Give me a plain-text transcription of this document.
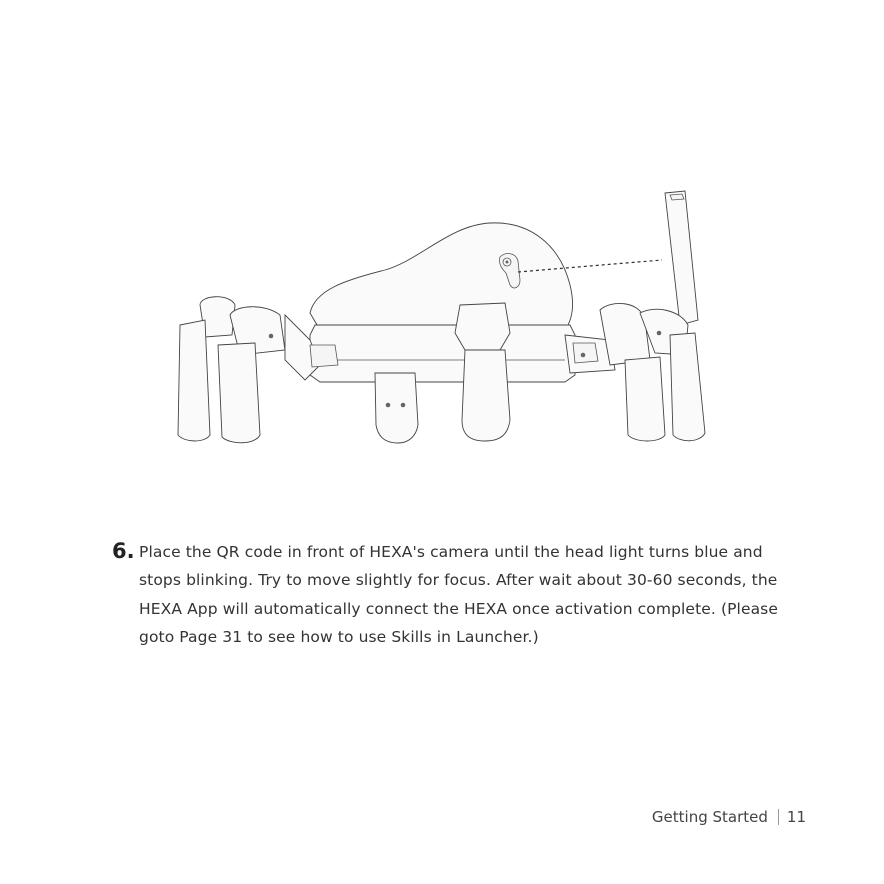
6. Place the QR code in front of HEXA's camera until the head light turns blue and stops blinking. Try to move slightly for focus. After wait about 30-60 seconds, the HEXA App will automatically connect the HEXA once activation complete. (Please goto Page 31 to see how to use Skills in Launcher.)

Getting Started 11
